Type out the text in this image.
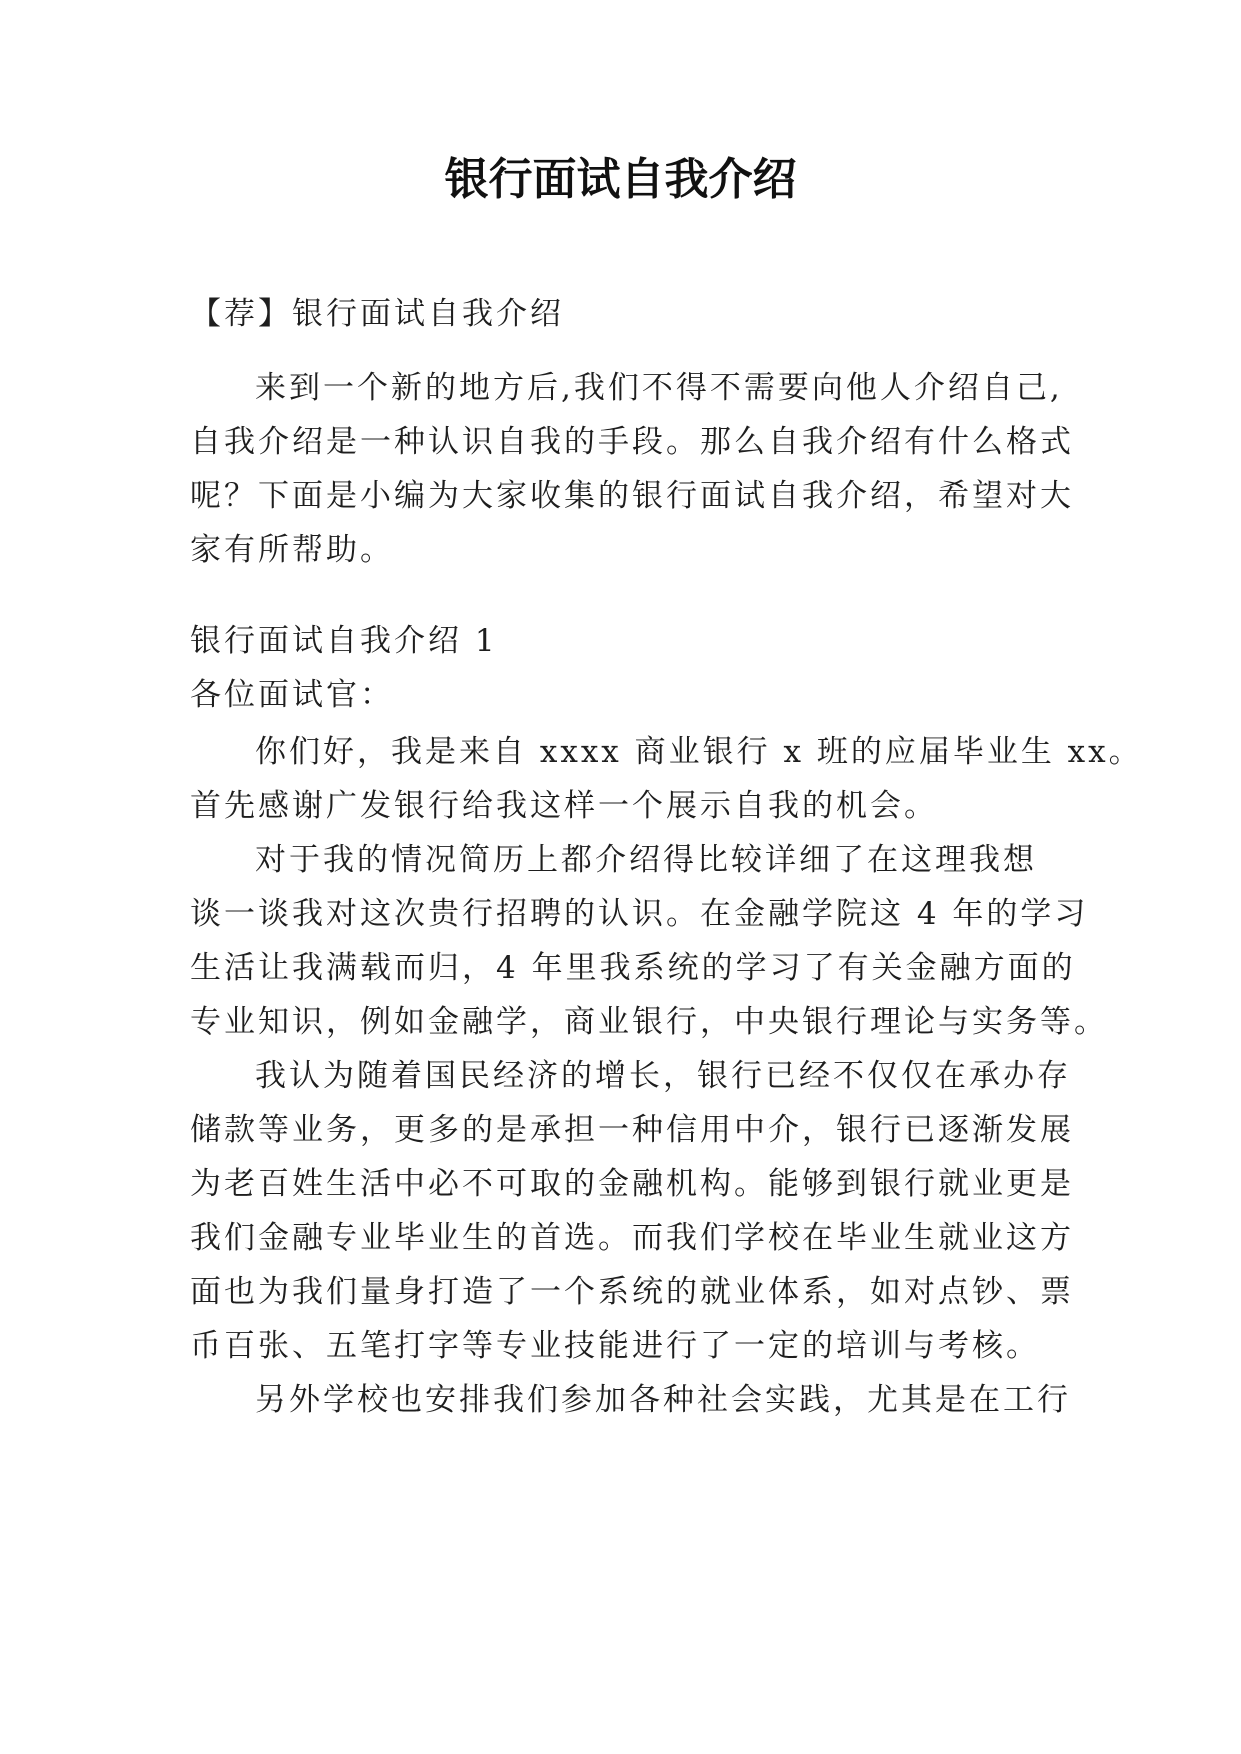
银行面试自我介绍
【荐】银行面试自我介绍
来到一个新的地方后,我们不得不需要向他人介绍自己,
自我介绍是一种认识自我的手段。那么自我介绍有什么格式
呢？下面是小编为大家收集的银行面试自我介绍，希望对大
家有所帮助。
银行面试自我介绍 1
各位面试官：
你们好，我是来自 xxxx 商业银行 x 班的应届毕业生 xx。
首先感谢广发银行给我这样一个展示自我的机会。
对于我的情况简历上都介绍得比较详细了在这理我想
谈一谈我对这次贵行招聘的认识。在金融学院这 4 年的学习
生活让我满载而归，4 年里我系统的学习了有关金融方面的
专业知识，例如金融学，商业银行，中央银行理论与实务等。
我认为随着国民经济的增长，银行已经不仅仅在承办存
储款等业务，更多的是承担一种信用中介，银行已逐渐发展
为老百姓生活中必不可取的金融机构。能够到银行就业更是
我们金融专业毕业生的首选。而我们学校在毕业生就业这方
面也为我们量身打造了一个系统的就业体系，如对点钞、票
币百张、五笔打字等专业技能进行了一定的培训与考核。
另外学校也安排我们参加各种社会实践，尤其是在工行
